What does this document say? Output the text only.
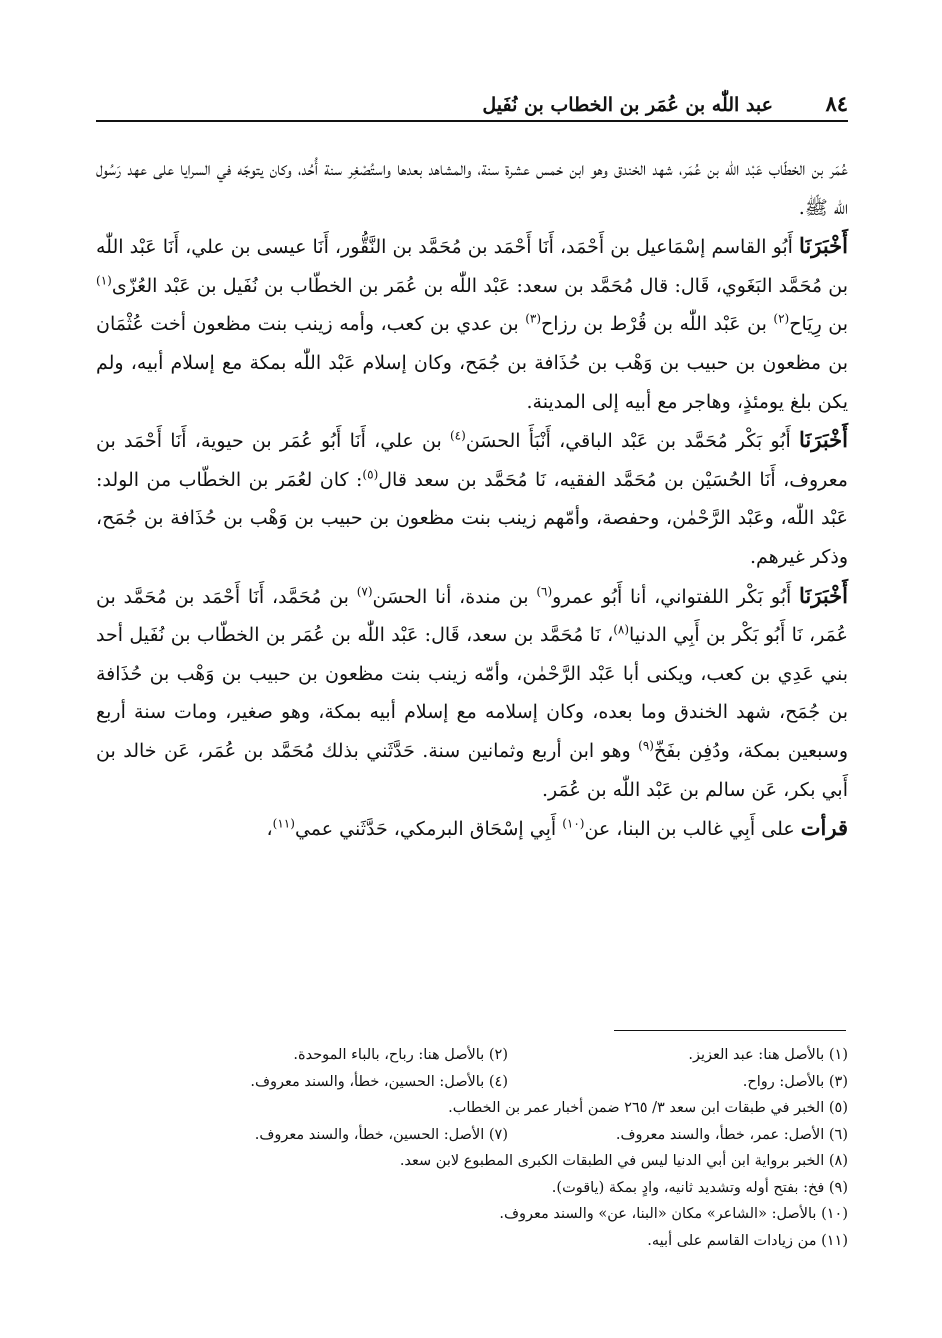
٨٤
عبد اللّٰه بن عُمَر بن الخطاب بن نُفَيل

عُمَر بن الخطّاب عَبْد اللّٰه بن عُمَر، شهد الخندق وهو ابن خمس عشرة سنة، والمشاهد بعدها واستُصْغِر سنة أُحُد، وكان يتوجّه في السرايا على عهد رَسُول اللّٰه ﷺ.

أَخْبَرَنَا أَبُو القاسم إسْمَاعيل بن أَحْمَد، أَنَا أَحْمَد بن مُحَمَّد بن النَّقُّور، أَنَا عيسى بن علي، أَنَا عَبْد اللّٰه بن مُحَمَّد البَغَوي، قَال: قال مُحَمَّد بن سعد: عَبْد اللّٰه بن عُمَر بن الخطّاب بن نُفَيل بن عَبْد العُزّى$^{(١)}$ بن رِيَاح$^{(٢)}$ بن عَبْد اللّٰه بن قُرْط بن رزاح$^{(٣)}$ بن عدي بن كعب، وأمه زينب بنت مظعون أخت عُثْمَان بن مظعون بن حبيب بن وَهْب بن حُذَافة بن جُمَح، وكان إسلام عَبْد اللّٰه بمكة مع إسلام أبيه، ولم يكن بلغ يومئذٍ، وهاجر مع أبيه إلى المدينة.

أَخْبَرَنَا أَبُو بَكْر مُحَمَّد بن عَبْد الباقي، أَنْبَأَ الحسَن$^{(٤)}$ بن علي، أَنَا أَبُو عُمَر بن حيوية، أَنَا أَحْمَد بن معروف، أَنَا الحُسَيْن بن مُحَمَّد الفقيه، نَا مُحَمَّد بن سعد قال$^{(٥)}$: كان لعُمَر بن الخطّاب من الولد: عَبْد اللّٰه، وعَبْد الرَّحْمٰن، وحفصة، وأمّهم زينب بنت مظعون بن حبيب بن وَهْب بن حُذَافة بن جُمَح، وذكر غيرهم.

أَخْبَرَنَا أَبُو بَكْر اللفتواني، أنا أَبُو عمرو$^{(٦)}$ بن مندة، أنا الحسَن$^{(٧)}$ بن مُحَمَّد، أَنَا أَحْمَد بن مُحَمَّد بن عُمَر، نَا أَبُو بَكْر بن أَبِي الدنيا$^{(٨)}$، نَا مُحَمَّد بن سعد، قَال: عَبْد اللّٰه بن عُمَر بن الخطّاب بن نُفَيل أحد بني عَدِي بن كعب، ويكنى أبا عَبْد الرَّحْمٰن، وأمّه زينب بنت مظعون بن حبيب بن وَهْب بن حُذَافة بن جُمَح، شهد الخندق وما بعده، وكان إسلامه مع إسلام أبيه بمكة، وهو صغير، ومات سنة أربع وسبعين بمكة، ودُفِن بفَخّ$^{(٩)}$ وهو ابن أربع وثمانين سنة. حَدَّثَني بذلك مُحَمَّد بن عُمَر، عَن خالد بن أَبي بكر، عَن سالم بن عَبْد اللّٰه بن عُمَر.

قرأت على أَبِي غالب بن البنا، عن$^{(١٠)}$ أَبِي إسْحَاق البرمكي، حَدَّثَني عمي$^{(١١)}$،

(١) بالأصل هنا: عبد العزيز.
(٢) بالأصل هنا: رباح، بالباء الموحدة.
(٣) بالأصل: رواح.
(٤) بالأصل: الحسين، خطأ، والسند معروف.
(٥) الخبر في طبقات ابن سعد ٣/ ٢٦٥ ضمن أخبار عمر بن الخطاب.
(٦) الأصل: عمر، خطأ، والسند معروف.
(٧) الأصل: الحسين، خطأ، والسند معروف.
(٨) الخبر برواية ابن أبي الدنيا ليس في الطبقات الكبرى المطبوع لابن سعد.
(٩) فخ: بفتح أوله وتشديد ثانيه، وادٍ بمكة (ياقوت).
(١٠) بالأصل: «الشاعر» مكان «البنا، عن» والسند معروف.
(١١) من زيادات القاسم على أبيه.
